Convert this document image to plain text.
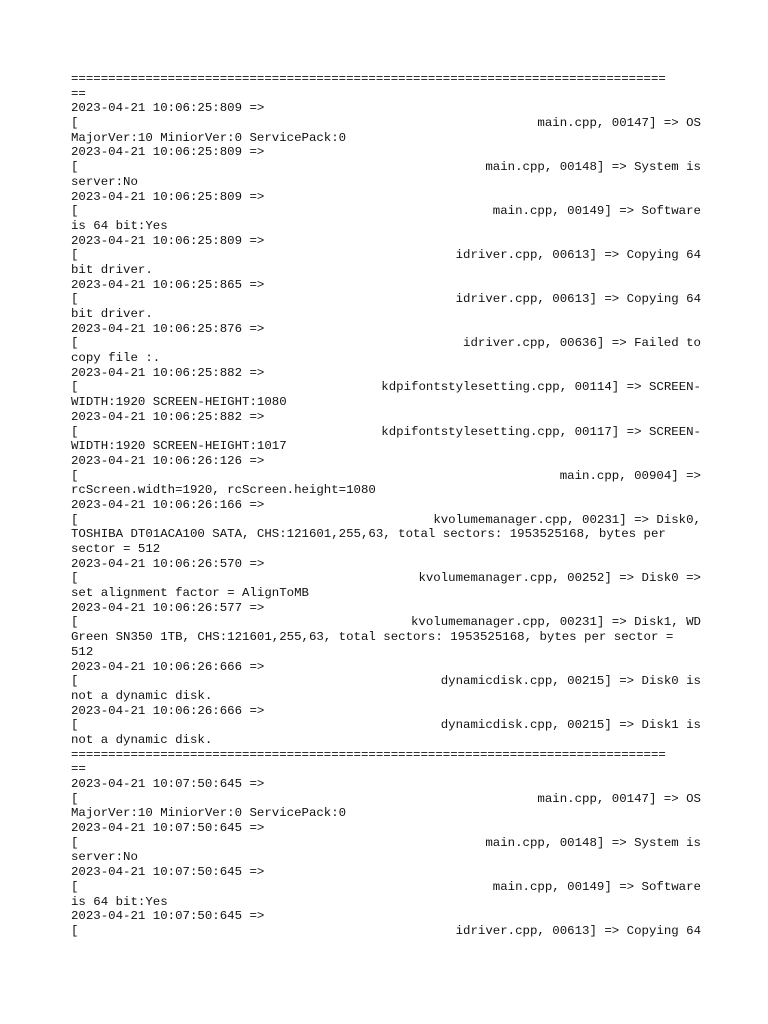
================================================================================
==
2023-04-21 10:06:25:809 =>
[	main.cpp, 00147] => OS
MajorVer:10 MiniorVer:0 ServicePack:0
2023-04-21 10:06:25:809 =>
[	main.cpp, 00148] => System is
server:No
2023-04-21 10:06:25:809 =>
[	main.cpp, 00149] => Software
is 64 bit:Yes
2023-04-21 10:06:25:809 =>
[	idriver.cpp, 00613] => Copying 64
bit driver.
2023-04-21 10:06:25:865 =>
[	idriver.cpp, 00613] => Copying 64
bit driver.
2023-04-21 10:06:25:876 =>
[	idriver.cpp, 00636] => Failed to
copy file :.
2023-04-21 10:06:25:882 =>
[	kdpifontstylesetting.cpp, 00114] => SCREEN-
WIDTH:1920 SCREEN-HEIGHT:1080
2023-04-21 10:06:25:882 =>
[	kdpifontstylesetting.cpp, 00117] => SCREEN-
WIDTH:1920 SCREEN-HEIGHT:1017
2023-04-21 10:06:26:126 =>
[	main.cpp, 00904] =>
rcScreen.width=1920, rcScreen.height=1080
2023-04-21 10:06:26:166 =>
[	kvolumemanager.cpp, 00231] => Disk0,
TOSHIBA DT01ACA100 SATA, CHS:121601,255,63, total sectors: 1953525168, bytes per
sector = 512
2023-04-21 10:06:26:570 =>
[	kvolumemanager.cpp, 00252] => Disk0 =>
set alignment factor = AlignToMB
2023-04-21 10:06:26:577 =>
[	kvolumemanager.cpp, 00231] => Disk1, WD
Green SN350 1TB, CHS:121601,255,63, total sectors: 1953525168, bytes per sector =
512
2023-04-21 10:06:26:666 =>
[	dynamicdisk.cpp, 00215] => Disk0 is
not a dynamic disk.
2023-04-21 10:06:26:666 =>
[	dynamicdisk.cpp, 00215] => Disk1 is
not a dynamic disk.
================================================================================
==
2023-04-21 10:07:50:645 =>
[	main.cpp, 00147] => OS
MajorVer:10 MiniorVer:0 ServicePack:0
2023-04-21 10:07:50:645 =>
[	main.cpp, 00148] => System is
server:No
2023-04-21 10:07:50:645 =>
[	main.cpp, 00149] => Software
is 64 bit:Yes
2023-04-21 10:07:50:645 =>
[	idriver.cpp, 00613] => Copying 64
